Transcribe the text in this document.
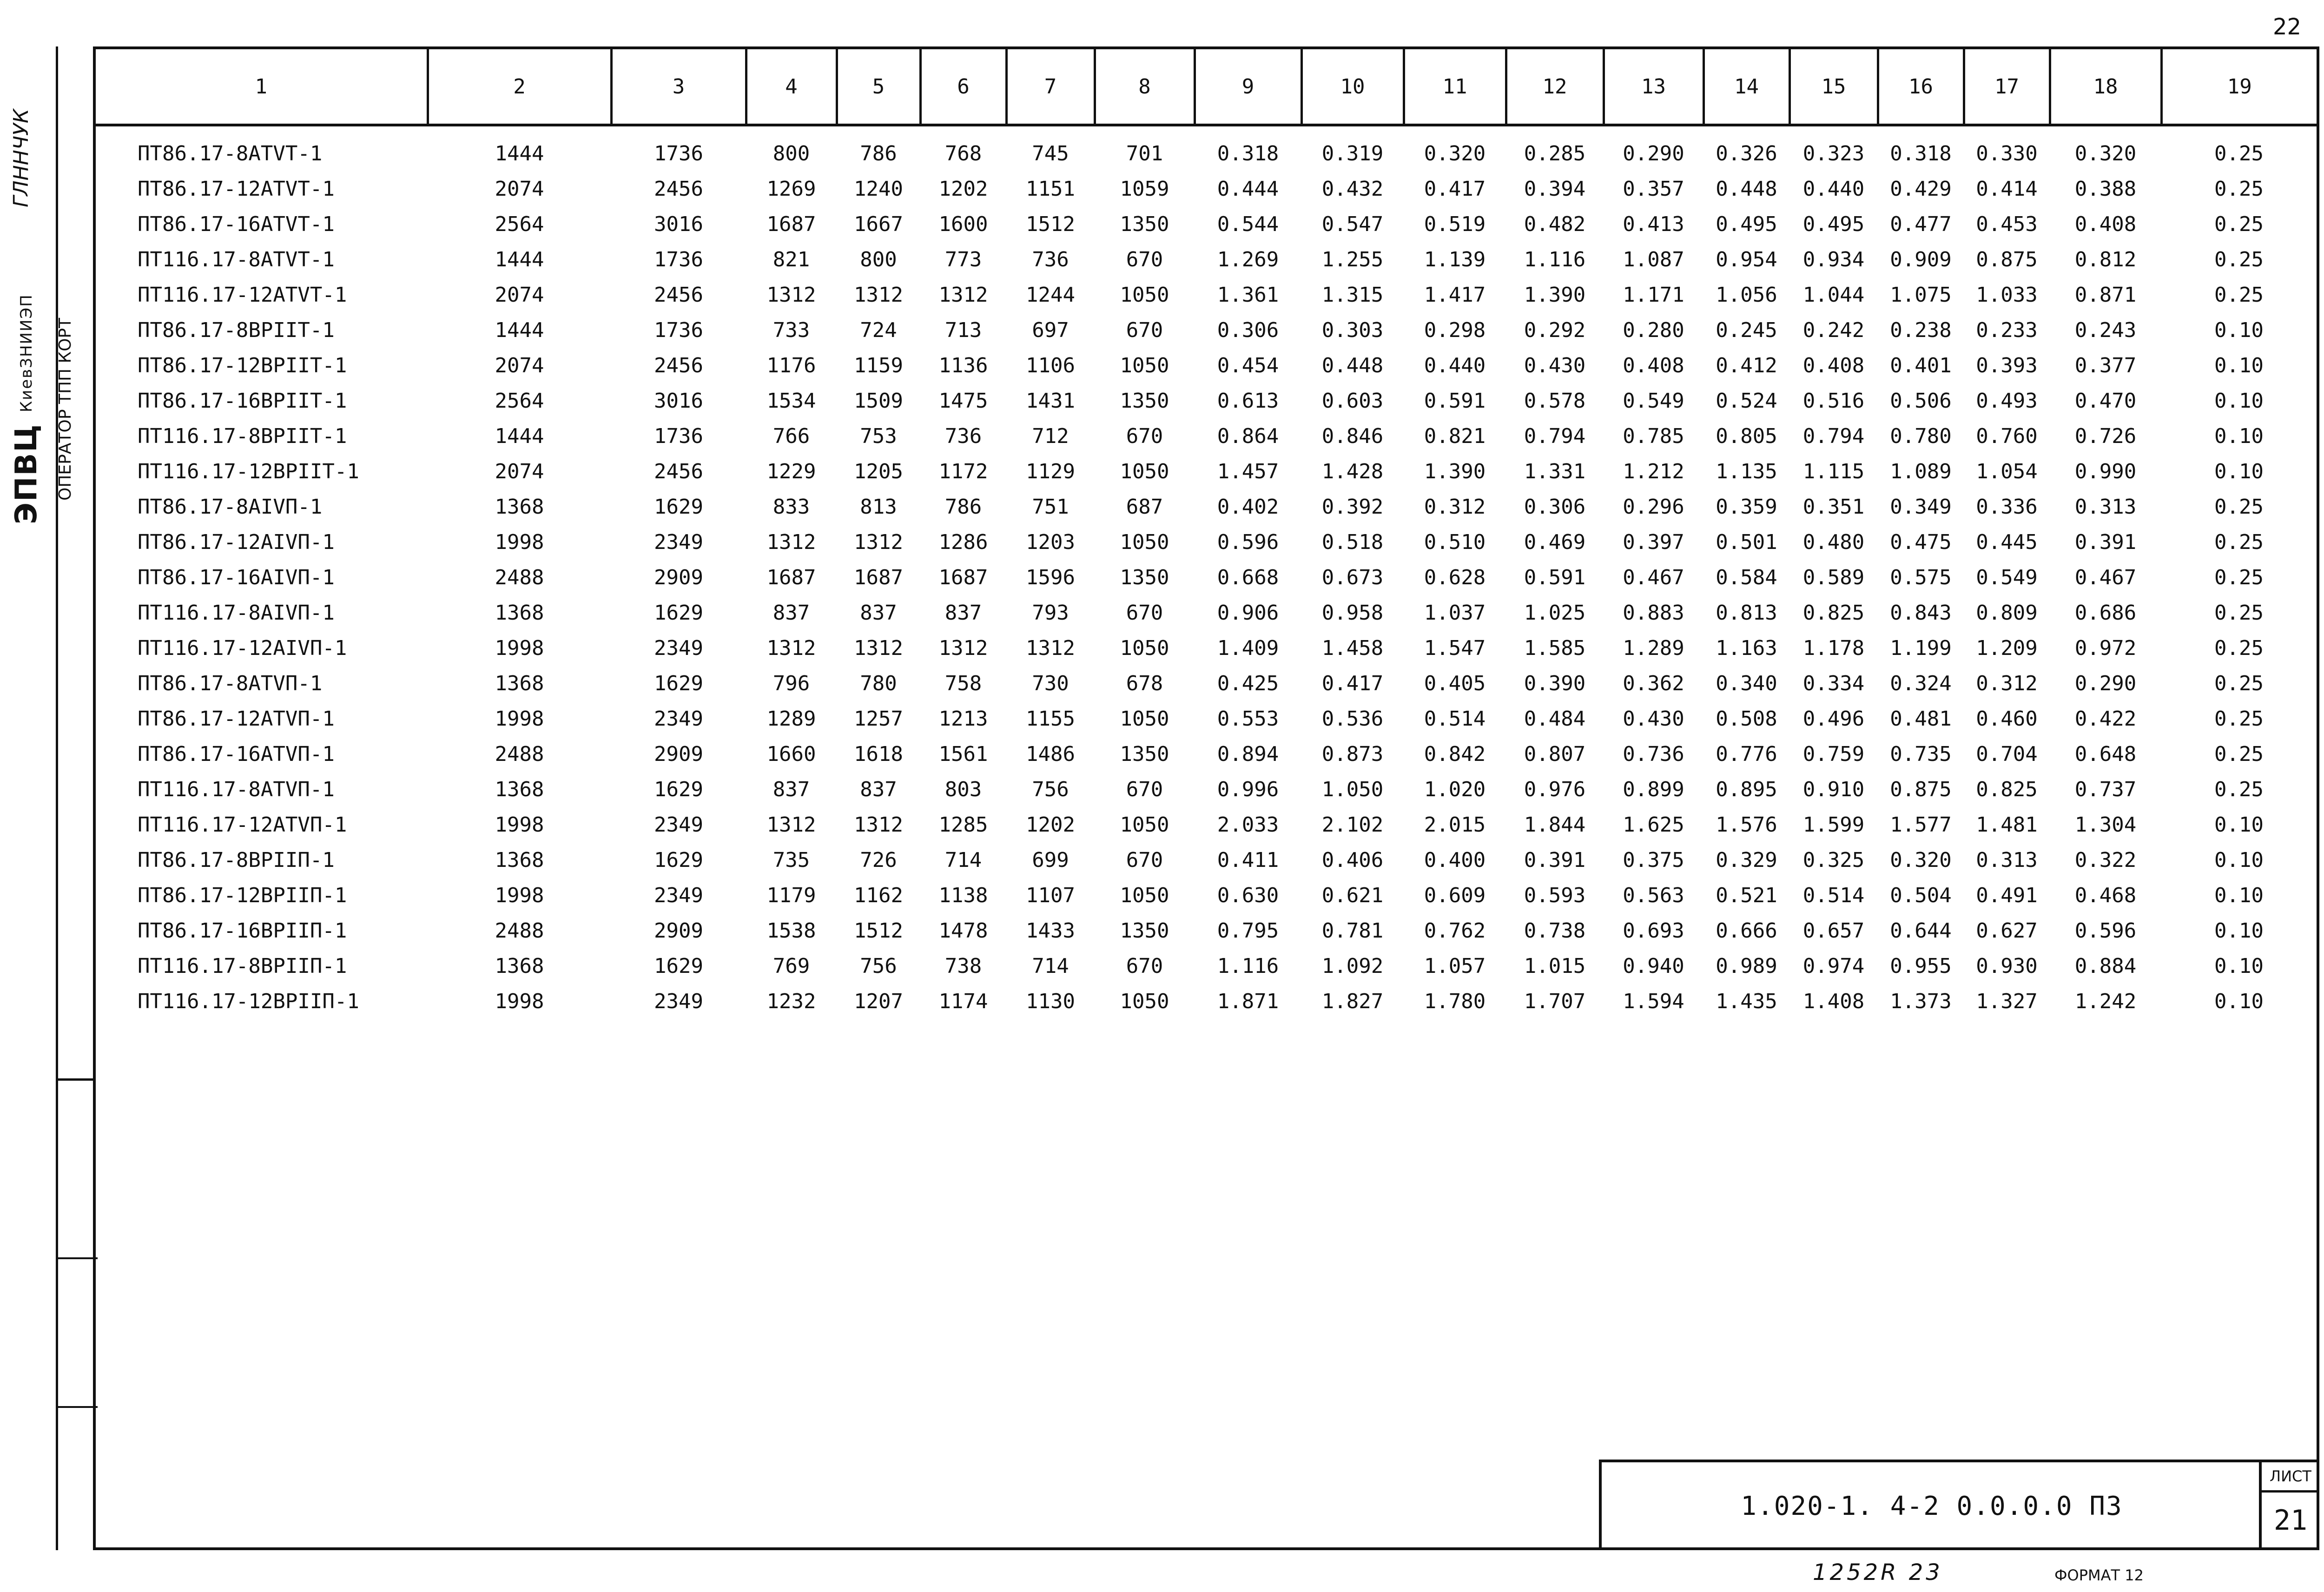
22
ГЛННЧУК
ЭПВЦ КиевЗНИИЭП	ОПЕРАТОР ТПП КОРТ
1	2	3	4	5	6	7	8	9	10	11	12	13	14	15	16	17	18	19
ПТ86.17-8АТVТ-1	1444	1736	800	786	768	745	701	0.318	0.319	0.320	0.285	0.290	0.326	0.323	0.318	0.330	0.320	0.25
ПТ86.17-12АТVТ-1	2074	2456	1269	1240	1202	1151	1059	0.444	0.432	0.417	0.394	0.357	0.448	0.440	0.429	0.414	0.388	0.25
ПТ86.17-16АТVТ-1	2564	3016	1687	1667	1600	1512	1350	0.544	0.547	0.519	0.482	0.413	0.495	0.495	0.477	0.453	0.408	0.25
ПТ116.17-8АТVТ-1	1444	1736	821	800	773	736	670	1.269	1.255	1.139	1.116	1.087	0.954	0.934	0.909	0.875	0.812	0.25
ПТ116.17-12АТVТ-1	2074	2456	1312	1312	1312	1244	1050	1.361	1.315	1.417	1.390	1.171	1.056	1.044	1.075	1.033	0.871	0.25
ПТ86.17-8ВРIIТ-1	1444	1736	733	724	713	697	670	0.306	0.303	0.298	0.292	0.280	0.245	0.242	0.238	0.233	0.243	0.10
ПТ86.17-12ВРIIТ-1	2074	2456	1176	1159	1136	1106	1050	0.454	0.448	0.440	0.430	0.408	0.412	0.408	0.401	0.393	0.377	0.10
ПТ86.17-16ВРIIТ-1	2564	3016	1534	1509	1475	1431	1350	0.613	0.603	0.591	0.578	0.549	0.524	0.516	0.506	0.493	0.470	0.10
ПТ116.17-8ВРIIТ-1	1444	1736	766	753	736	712	670	0.864	0.846	0.821	0.794	0.785	0.805	0.794	0.780	0.760	0.726	0.10
ПТ116.17-12ВРIIТ-1	2074	2456	1229	1205	1172	1129	1050	1.457	1.428	1.390	1.331	1.212	1.135	1.115	1.089	1.054	0.990	0.10
ПТ86.17-8АIVП-1	1368	1629	833	813	786	751	687	0.402	0.392	0.312	0.306	0.296	0.359	0.351	0.349	0.336	0.313	0.25
ПТ86.17-12АIVП-1	1998	2349	1312	1312	1286	1203	1050	0.596	0.518	0.510	0.469	0.397	0.501	0.480	0.475	0.445	0.391	0.25
ПТ86.17-16АIVП-1	2488	2909	1687	1687	1687	1596	1350	0.668	0.673	0.628	0.591	0.467	0.584	0.589	0.575	0.549	0.467	0.25
ПТ116.17-8АIVП-1	1368	1629	837	837	837	793	670	0.906	0.958	1.037	1.025	0.883	0.813	0.825	0.843	0.809	0.686	0.25
ПТ116.17-12АIVП-1	1998	2349	1312	1312	1312	1312	1050	1.409	1.458	1.547	1.585	1.289	1.163	1.178	1.199	1.209	0.972	0.25
ПТ86.17-8АТVП-1	1368	1629	796	780	758	730	678	0.425	0.417	0.405	0.390	0.362	0.340	0.334	0.324	0.312	0.290	0.25
ПТ86.17-12АТVП-1	1998	2349	1289	1257	1213	1155	1050	0.553	0.536	0.514	0.484	0.430	0.508	0.496	0.481	0.460	0.422	0.25
ПТ86.17-16АТVП-1	2488	2909	1660	1618	1561	1486	1350	0.894	0.873	0.842	0.807	0.736	0.776	0.759	0.735	0.704	0.648	0.25
ПТ116.17-8АТVП-1	1368	1629	837	837	803	756	670	0.996	1.050	1.020	0.976	0.899	0.895	0.910	0.875	0.825	0.737	0.25
ПТ116.17-12АТVП-1	1998	2349	1312	1312	1285	1202	1050	2.033	2.102	2.015	1.844	1.625	1.576	1.599	1.577	1.481	1.304	0.10
ПТ86.17-8ВРIIП-1	1368	1629	735	726	714	699	670	0.411	0.406	0.400	0.391	0.375	0.329	0.325	0.320	0.313	0.322	0.10
ПТ86.17-12ВРIIП-1	1998	2349	1179	1162	1138	1107	1050	0.630	0.621	0.609	0.593	0.563	0.521	0.514	0.504	0.491	0.468	0.10
ПТ86.17-16ВРIIП-1	2488	2909	1538	1512	1478	1433	1350	0.795	0.781	0.762	0.738	0.693	0.666	0.657	0.644	0.627	0.596	0.10
ПТ116.17-8ВРIIП-1	1368	1629	769	756	738	714	670	1.116	1.092	1.057	1.015	0.940	0.989	0.974	0.955	0.930	0.884	0.10
ПТ116.17-12ВРIIП-1	1998	2349	1232	1207	1174	1130	1050	1.871	1.827	1.780	1.707	1.594	1.435	1.408	1.373	1.327	1.242	0.10
1.020-1. 4-2 0.0.0.0 ПЗ
ЛИСТ
21
1252R 23	ФОРМАТ 12
